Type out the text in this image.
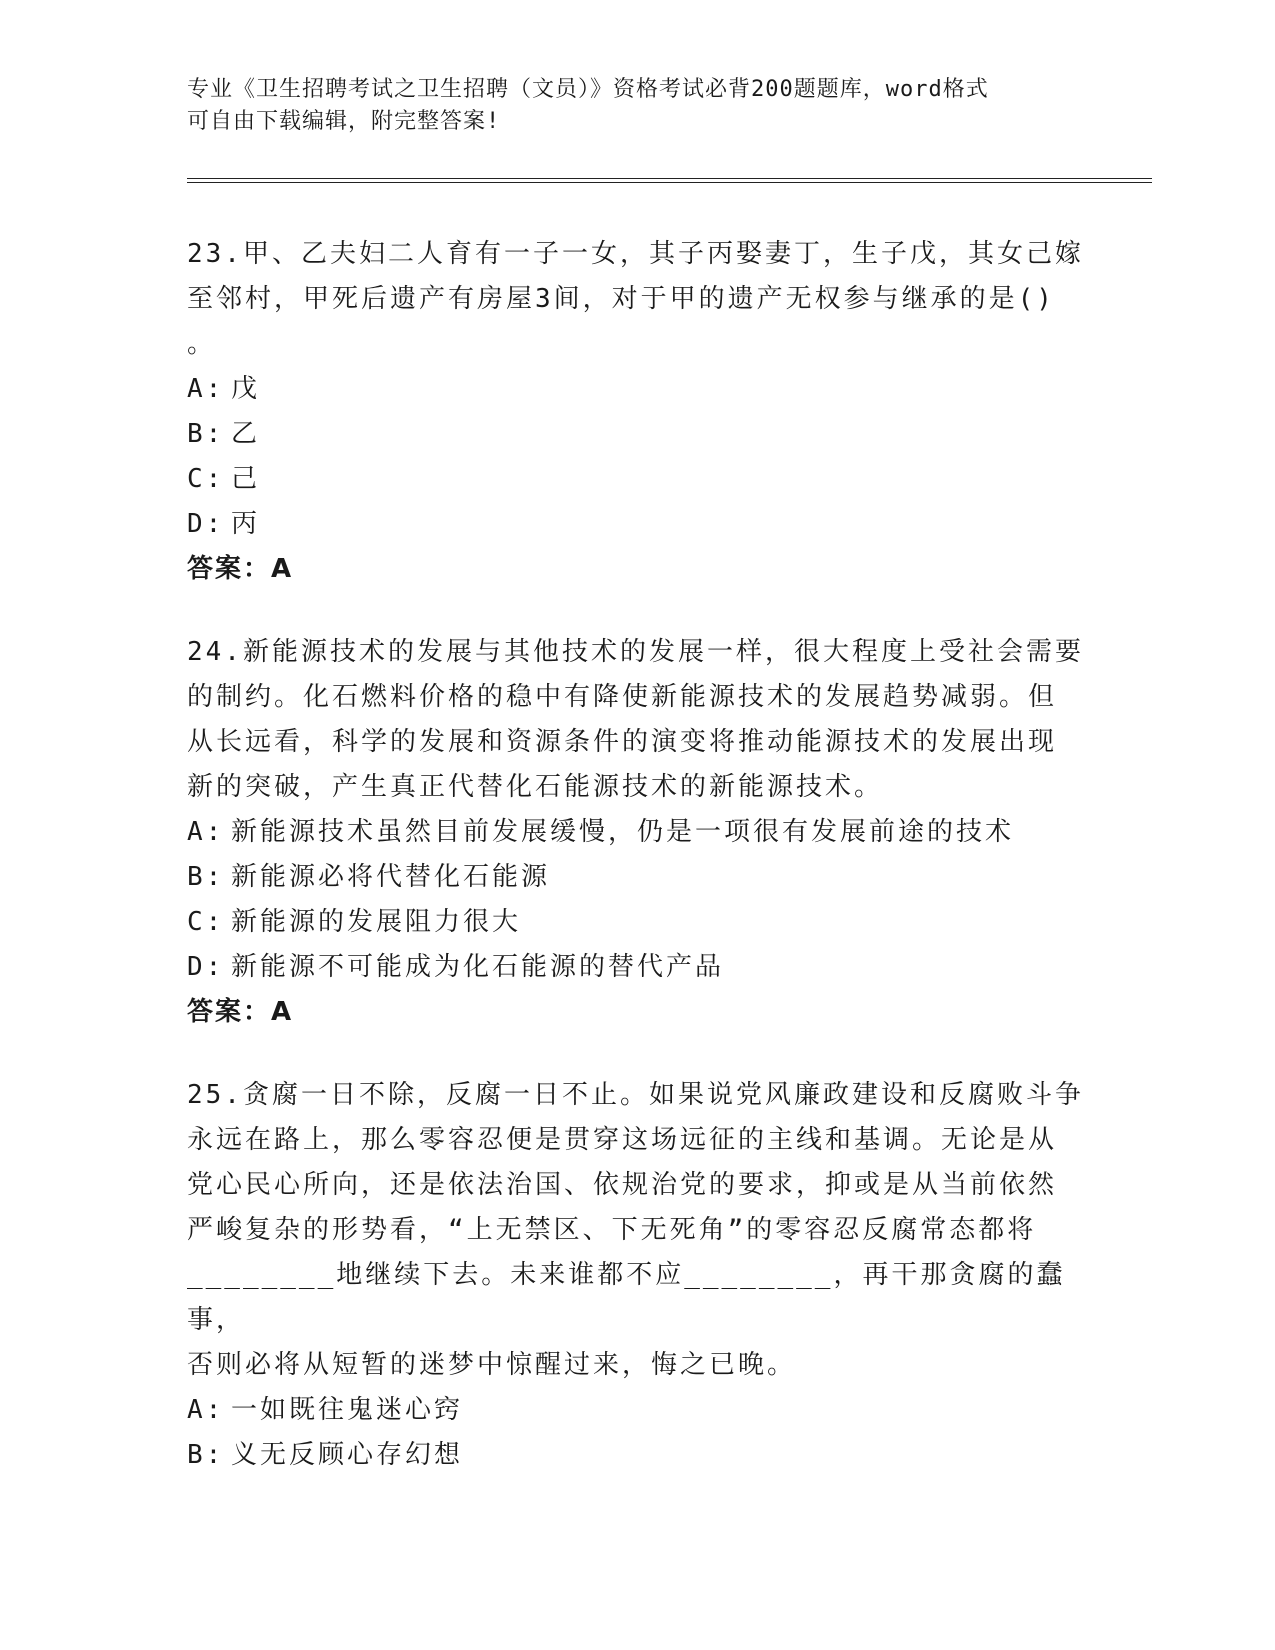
专业《卫生招聘考试之卫生招聘（文员）》资格考试必背200题题库，word格式
可自由下载编辑，附完整答案!

23.甲、乙夫妇二人育有一子一女，其子丙娶妻丁，生子戊，其女己嫁
至邻村，甲死后遗产有房屋3间，对于甲的遗产无权参与继承的是()
。

A: 戊

B: 乙

C: 己

D: 丙

答案：A

24.新能源技术的发展与其他技术的发展一样，很大程度上受社会需要
的制约。化石燃料价格的稳中有降使新能源技术的发展趋势减弱。但
从长远看，科学的发展和资源条件的演变将推动能源技术的发展出现
新的突破，产生真正代替化石能源技术的新能源技术。

A: 新能源技术虽然目前发展缓慢，仍是一项很有发展前途的技术

B: 新能源必将代替化石能源

C: 新能源的发展阻力很大

D: 新能源不可能成为化石能源的替代产品

答案：A

25.贪腐一日不除，反腐一日不止。如果说党风廉政建设和反腐败斗争
永远在路上，那么零容忍便是贯穿这场远征的主线和基调。无论是从
党心民心所向，还是依法治国、依规治党的要求，抑或是从当前依然
严峻复杂的形势看，“上无禁区、下无死角”的零容忍反腐常态都将
________地继续下去。未来谁都不应________，再干那贪腐的蠢事，
否则必将从短暂的迷梦中惊醒过来，悔之已晚。

A: 一如既往鬼迷心窍

B: 义无反顾心存幻想
